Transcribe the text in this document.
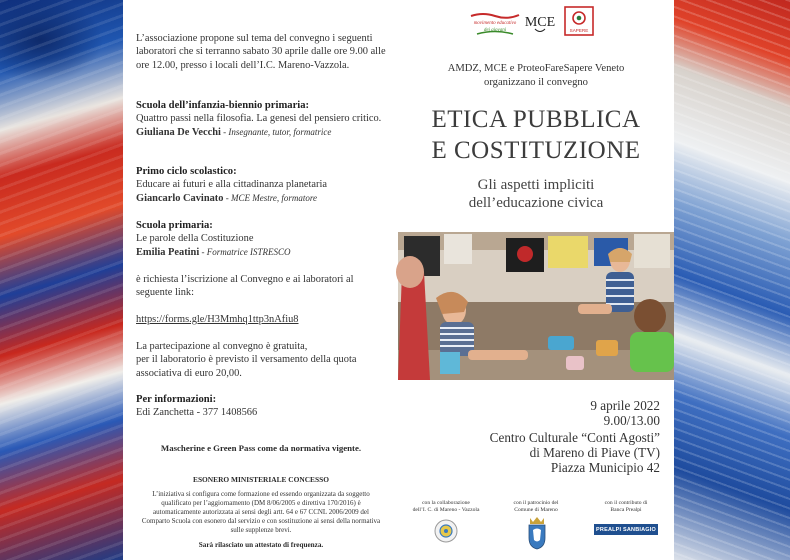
L’associazione propone sul tema del convegno i seguenti laboratori che si terranno sabato 30 aprile dalle ore 9.00 alle ore 12.00, presso i locali dell’I.C. Mareno-Vazzola.
Scuola dell’infanzia-biennio primaria:
Quattro passi nella filosofia. La genesi del pensiero critico.
Giuliana De Vecchi - Insegnante, tutor, formatrice
Primo ciclo scolastico:
Educare ai futuri e alla cittadinanza planetaria
Giancarlo Cavinato - MCE Mestre, formatore
Scuola primaria:
Le parole della Costituzione
Emilia Peatini - Formatrice ISTRESCO
è richiesta l’iscrizione al Convegno e ai laboratori al seguente link:
https://forms.gle/H3Mmhq1ttp3nAfiu8
La partecipazione al convegno è gratuita,
per il laboratorio è previsto il versamento della quota associativa di euro 20,00.
Per informazioni:
Edi Zanchetta - 377 1408566
Mascherine e Green Pass come da normativa vigente.
ESONERO MINISTERIALE CONCESSO
L’iniziativa si configura come formazione ed essendo organizzata da soggetto qualificato per l’aggiornamento (DM 8/06/2005 e direttiva 170/2016) è automaticamente autorizzata ai sensi degli artt. 64 e 67 CCNL 2006/2009 del Comparto Scuola con esonero dal servizio e con sostituzione ai sensi della normativa sulle supplenze brevi.
Sarà rilasciato un attestato di frequenza.
movimento educativo
dei giovani
MCE
SAPERE
AMDZ, MCE e ProteoFareSapere Veneto
organizzano il convegno
ETICA PUBBLICA
E COSTITUZIONE
Gli aspetti impliciti
dell’educazione civica
9 aprile 2022
9.00/13.00
Centro Culturale “Conti Agosti”
di Mareno di Piave (TV)
Piazza Municipio 42
con la collaborazione
dell’I. C. di Mareno - Vazzola
con il patrocinio del
Comune di Mareno
con il contributo di
Banca Prealpi
PREALPI SANBIAGIO
